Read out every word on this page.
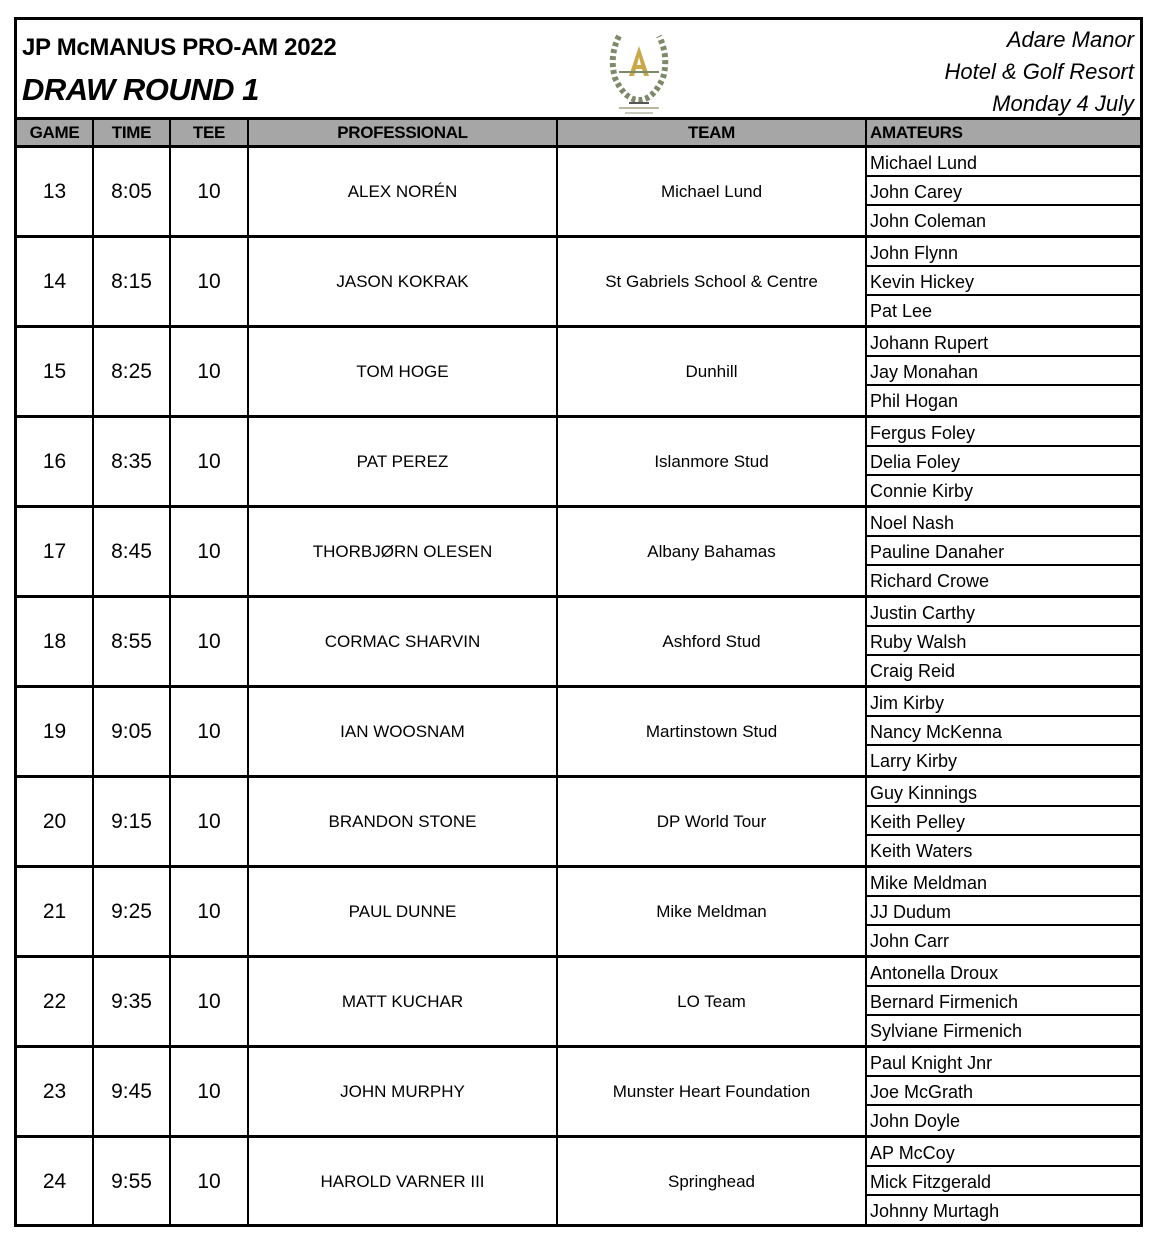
JP McMANUS PRO-AM 2022
DRAW ROUND 1
Adare Manor
Hotel & Golf Resort
Monday 4 July
GAME	TIME	TEE	PROFESSIONAL	TEAM	AMATEURS
13	8:05	10	ALEX NORÉN	Michael Lund
Michael Lund
John Carey
John Coleman
14	8:15	10	JASON KOKRAK	St Gabriels School & Centre
John Flynn
Kevin Hickey
Pat Lee
15	8:25	10	TOM HOGE	Dunhill
Johann Rupert
Jay Monahan
Phil Hogan
16	8:35	10	PAT PEREZ	Islanmore Stud
Fergus Foley
Delia Foley
Connie Kirby
17	8:45	10	THORBJØRN OLESEN	Albany Bahamas
Noel Nash
Pauline Danaher
Richard Crowe
18	8:55	10	CORMAC SHARVIN	Ashford Stud
Justin Carthy
Ruby Walsh
Craig Reid
19	9:05	10	IAN WOOSNAM	Martinstown Stud
Jim Kirby
Nancy McKenna
Larry Kirby
20	9:15	10	BRANDON STONE	DP World Tour
Guy Kinnings
Keith Pelley
Keith Waters
21	9:25	10	PAUL DUNNE	Mike Meldman
Mike Meldman
JJ Dudum
John Carr
22	9:35	10	MATT KUCHAR	LO Team
Antonella Droux
Bernard Firmenich
Sylviane Firmenich
23	9:45	10	JOHN MURPHY	Munster Heart Foundation
Paul Knight Jnr
Joe McGrath
John Doyle
24	9:55	10	HAROLD VARNER III	Springhead
AP McCoy
Mick Fitzgerald
Johnny Murtagh
